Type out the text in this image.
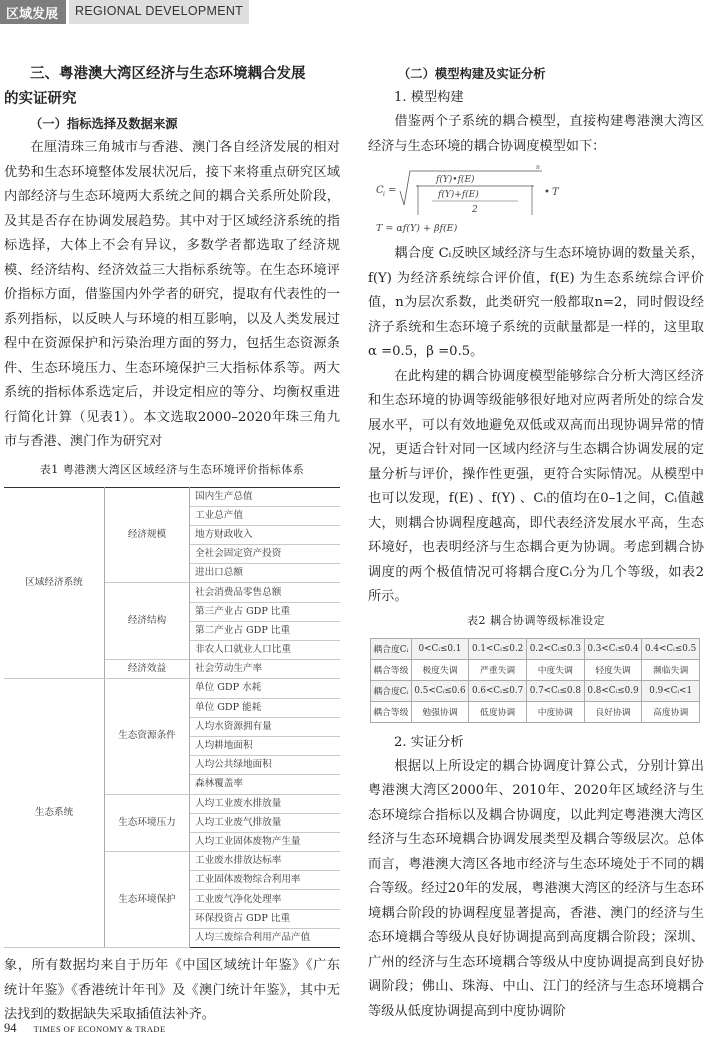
区域发展	REGIONAL DEVELOPMENT
三、粤港澳大湾区经济与生态环境耦合发展
的实证研究
（一）指标选择及数据来源

在厘清珠三角城市与香港、澳门各自经济发展的相对优势和生态环境整体发展状况后，接下来将重点研究区域内部经济与生态环境两大系统之间的耦合关系所处阶段，及其是否存在协调发展趋势。其中对于区域经济系统的指标选择，大体上不会有异议，多数学者都选取了经济规模、经济结构、经济效益三大指标系统等。在生态环境评价指标方面，借鉴国内外学者的研究，提取有代表性的一系列指标，以反映人与环境的相互影响，以及人类发展过程中在资源保护和污染治理方面的努力，包括生态资源条件、生态环境压力、生态环境保护三大指标体系等。两大系统的指标体系选定后，并设定相应的等分、均衡权重进行简化计算（见表1）。本文选取2000–2020年珠三角九市与香港、澳门作为研究对

表1 粤港澳大湾区区域经济与生态环境评价指标体系
区域经济系统	经济规模	国内生产总值
		工业总产值
		地方财政收入
		全社会固定资产投资
		进出口总额
	经济结构	社会消费品零售总额
		第三产业占 GDP 比重
		第二产业占 GDP 比重
		非农人口就业人口比重
	经济效益	社会劳动生产率
生态系统	生态资源条件	单位 GDP 水耗
		单位 GDP 能耗
		人均水资源拥有量
		人均耕地面积
		人均公共绿地面积
		森林覆盖率
	生态环境压力	人均工业废水排放量
		人均工业废气排放量
		人均工业固体废物产生量
	生态环境保护	工业废水排放达标率
		工业固体废物综合利用率
		工业废气净化处理率
		环保投资占 GDP 比重
		人均三废综合利用产品产值

象，所有数据均来自于历年《中国区域统计年鉴》《广东统计年鉴》《香港统计年刊》及《澳门统计年鉴》，其中无法找到的数据缺失采取插值法补齐。

（二）模型构建及实证分析
1. 模型构建

借鉴两个子系统的耦合模型，直接构建粤港澳大湾区经济与生态环境的耦合协调度模型如下：

C i =
n
f(Y)•f(E)
f(Y)+f(E)
2
• T
T = αf(Y) + βf(E)

耦合度 Cᵢ反映区域经济与生态环境协调的数量关系，f(Y) 为经济系统综合评价值，f(E) 为生态系统综合评价值，n为层次系数，此类研究一般都取n=2，同时假设经济子系统和生态环境子系统的贡献量都是一样的，这里取 α =0.5，β =0.5。

在此构建的耦合协调度模型能够综合分析大湾区经济和生态环境的协调等级能够很好地对应两者所处的综合发展水平，可以有效地避免双低或双高而出现协调异常的情况，更适合针对同一区域内经济与生态耦合协调发展的定量分析与评价，操作性更强，更符合实际情况。从模型中也可以发现，f(E) 、f(Y) 、Cᵢ的值均在0–1之间，Cᵢ值越大，则耦合协调程度越高，即代表经济发展水平高，生态环境好，也表明经济与生态耦合更为协调。考虑到耦合协调度的两个极值情况可将耦合度Cᵢ分为几个等级，如表2所示。

表2 耦合协调等级标准设定
耦合度Cᵢ	0<Cᵢ≤0.1	0.1<Cᵢ≤0.2	0.2<Cᵢ≤0.3	0.3<Cᵢ≤0.4	0.4<Cᵢ≤0.5
耦合等级	极度失调	严重失调	中度失调	轻度失调	濒临失调
耦合度Cᵢ	0.5<Cᵢ≤0.6	0.6<Cᵢ≤0.7	0.7<Cᵢ≤0.8	0.8<Cᵢ≤0.9	0.9<Cᵢ<1
耦合等级	勉强协调	低度协调	中度协调	良好协调	高度协调
2. 实证分析

根据以上所设定的耦合协调度计算公式，分别计算出粤港澳大湾区2000年、2010年、2020年区域经济与生态环境综合指标以及耦合协调度，以此判定粤港澳大湾区经济与生态环境耦合协调发展类型及耦合等级层次。总体而言，粤港澳大湾区各地市经济与生态环境处于不同的耦合等级。经过20年的发展，粤港澳大湾区的经济与生态环境耦合阶段的协调程度显著提高，香港、澳门的经济与生态环境耦合等级从良好协调提高到高度耦合阶段；深圳、广州的经济与生态环境耦合等级从中度协调提高到良好协调阶段；佛山、珠海、中山、江门的经济与生态环境耦合等级从低度协调提高到中度协调阶

94 TIMES OF ECONOMY & TRADE
